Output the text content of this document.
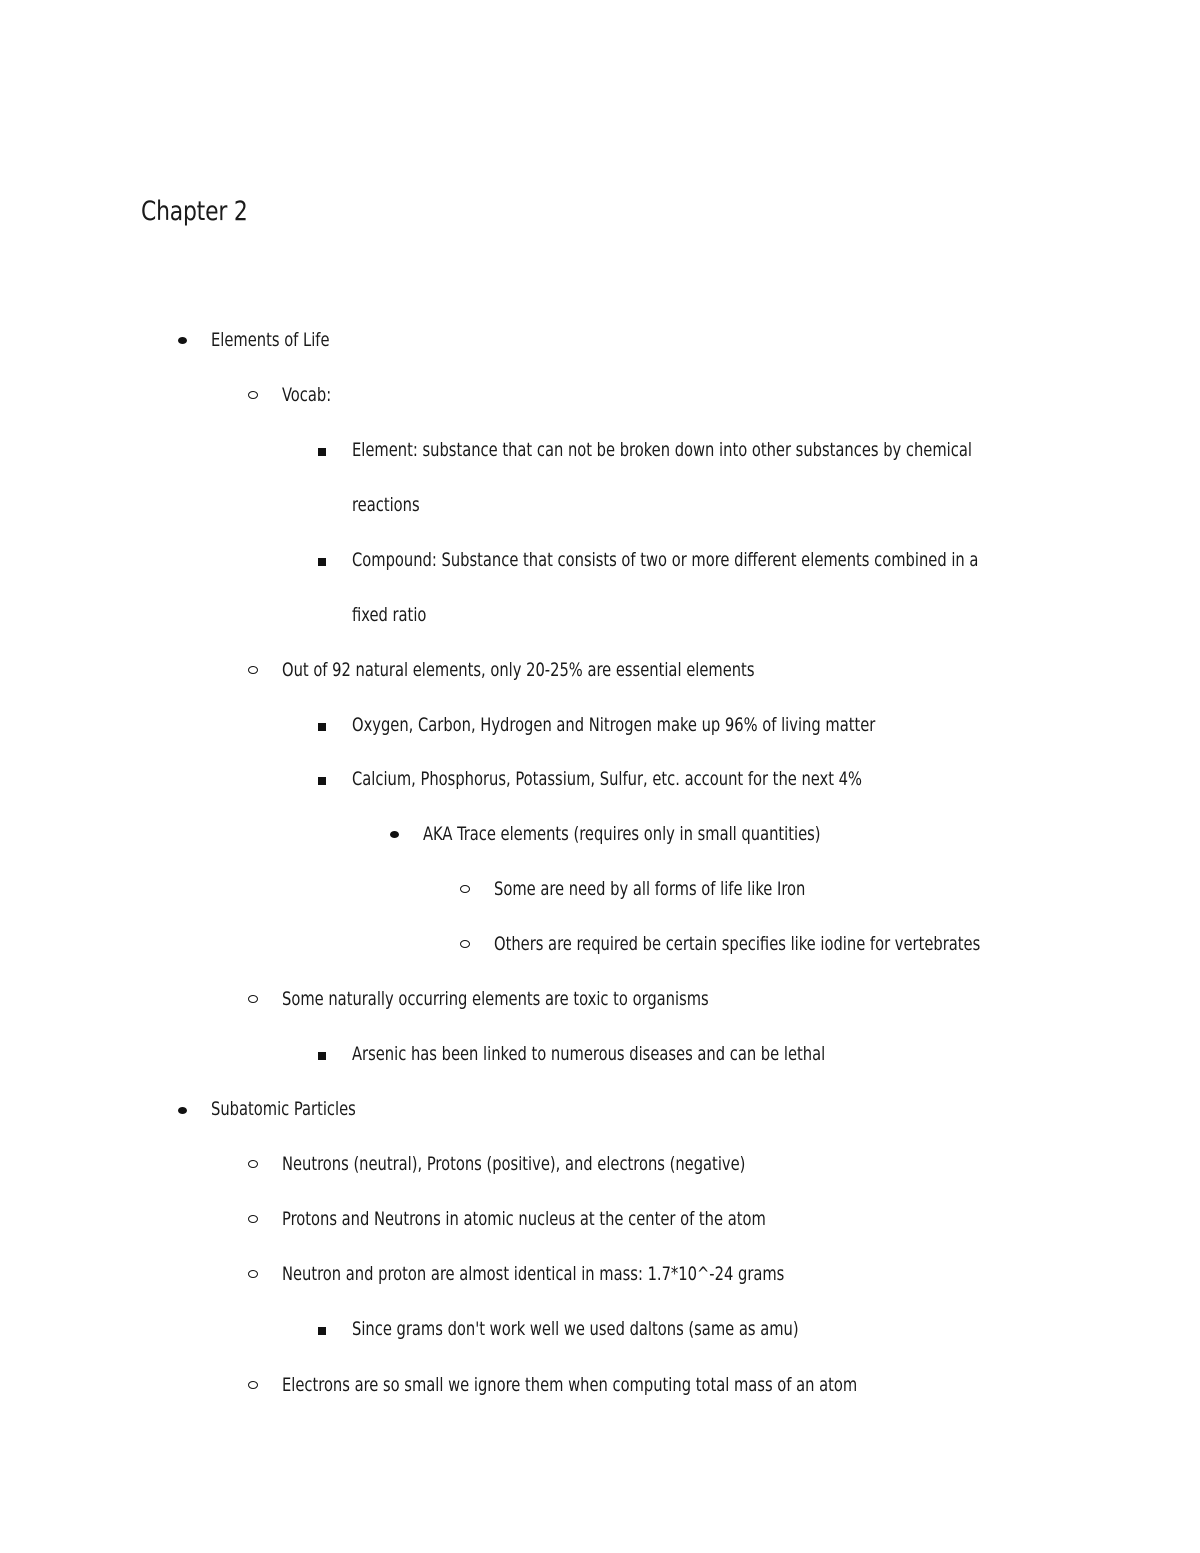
Chapter 2
Elements of Life
Vocab:
Element: substance that can not be broken down into other substances by chemical
reactions
Compound: Substance that consists of two or more different elements combined in a
fixed ratio
Out of 92 natural elements, only 20-25% are essential elements
Oxygen, Carbon, Hydrogen and Nitrogen make up 96% of living matter
Calcium, Phosphorus, Potassium, Sulfur, etc. account for the next 4%
AKA Trace elements (requires only in small quantities)
Some are need by all forms of life like Iron
Others are required be certain specifies like iodine for vertebrates
Some naturally occurring elements are toxic to organisms
Arsenic has been linked to numerous diseases and can be lethal
Subatomic Particles
Neutrons (neutral), Protons (positive), and electrons (negative)
Protons and Neutrons in atomic nucleus at the center of the atom
Neutron and proton are almost identical in mass: 1.7*10^-24 grams
Since grams don't work well we used daltons (same as amu)
Electrons are so small we ignore them when computing total mass of an atom
